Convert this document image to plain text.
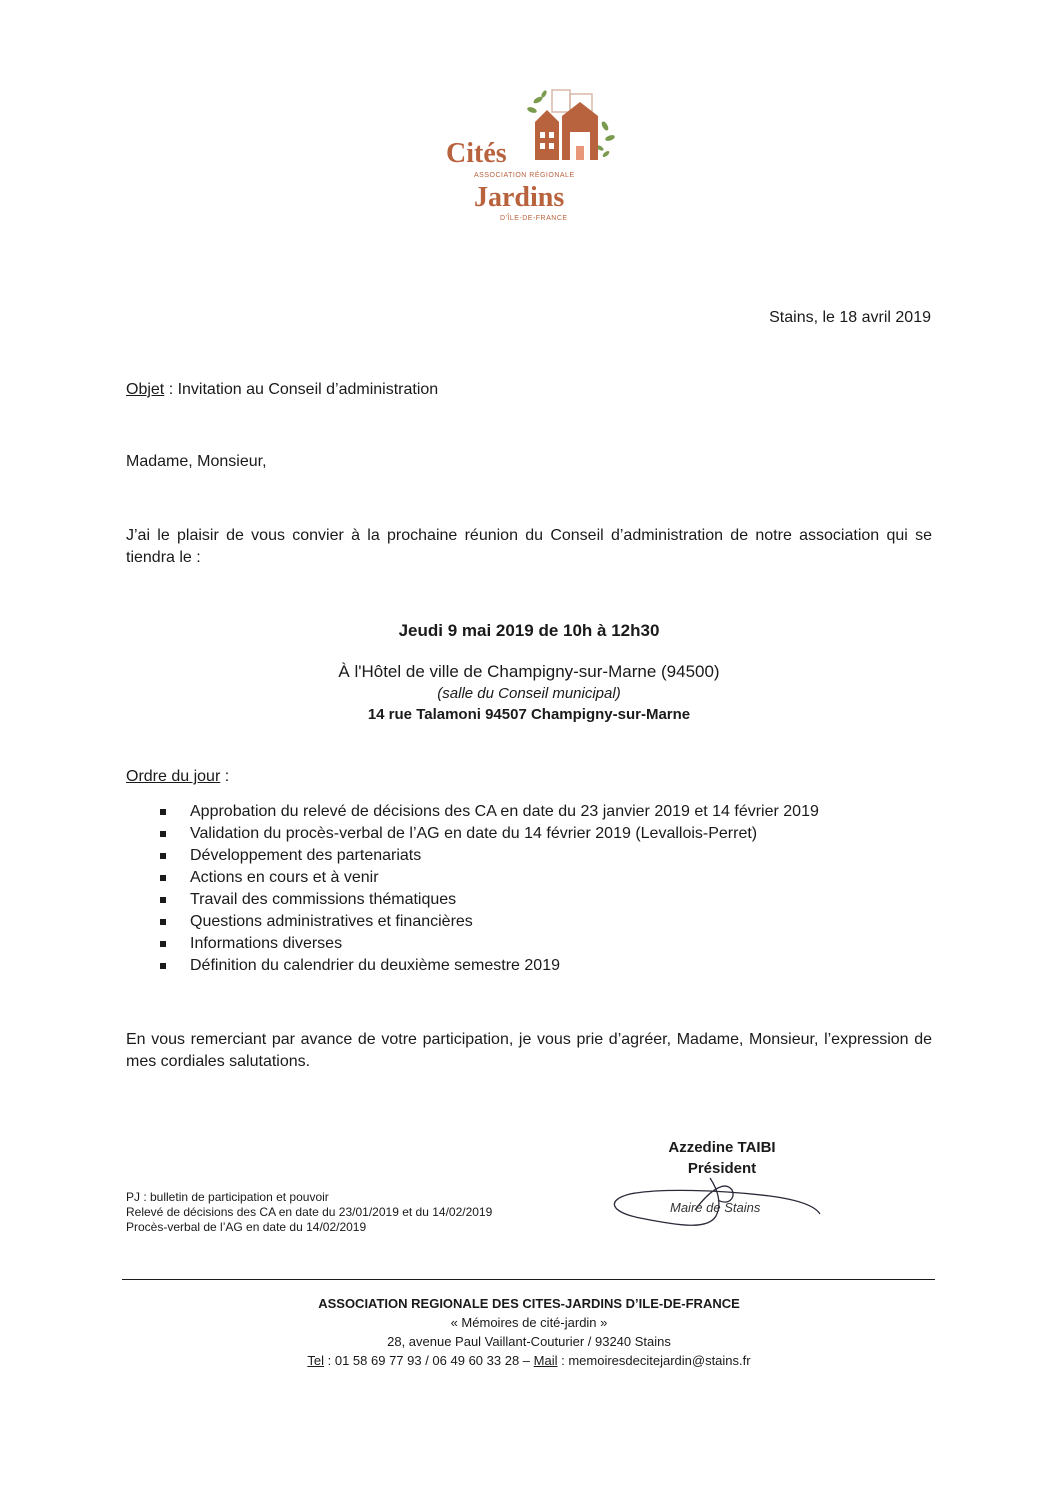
Cités
ASSOCIATION RÉGIONALE
Jardins
D'ÎLE-DE-FRANCE
Stains, le 18 avril 2019
Objet : Invitation au Conseil d’administration
Madame, Monsieur,
J’ai le plaisir de vous convier à la prochaine réunion du Conseil d’administration de notre association qui se tiendra le :
Jeudi 9 mai 2019 de 10h à 12h30
À l'Hôtel de ville de Champigny-sur-Marne (94500)
(salle du Conseil municipal)
14 rue Talamoni 94507 Champigny-sur-Marne
Ordre du jour :
Approbation du relevé de décisions des CA en date du 23 janvier 2019 et 14 février 2019
Validation du procès-verbal de l’AG en date du 14 février 2019 (Levallois-Perret)
Développement des partenariats
Actions en cours et à venir
Travail des commissions thématiques
Questions administratives et financières
Informations diverses
Définition du calendrier du deuxième semestre 2019
En vous remerciant par avance de votre participation, je vous prie d’agréer, Madame, Monsieur, l’expression de mes cordiales salutations.
Azzedine TAIBI
Président
Maire de Stains
PJ : bulletin de participation et pouvoir
Relevé de décisions des CA en date du 23/01/2019 et du 14/02/2019
Procès-verbal de l’AG en date du 14/02/2019
ASSOCIATION REGIONALE DES CITES-JARDINS D’ILE-DE-FRANCE
« Mémoires de cité-jardin »
28, avenue Paul Vaillant-Couturier / 93240 Stains
Tel : 01 58 69 77 93 / 06 49 60 33 28 – Mail : memoiresdecitejardin@stains.fr
